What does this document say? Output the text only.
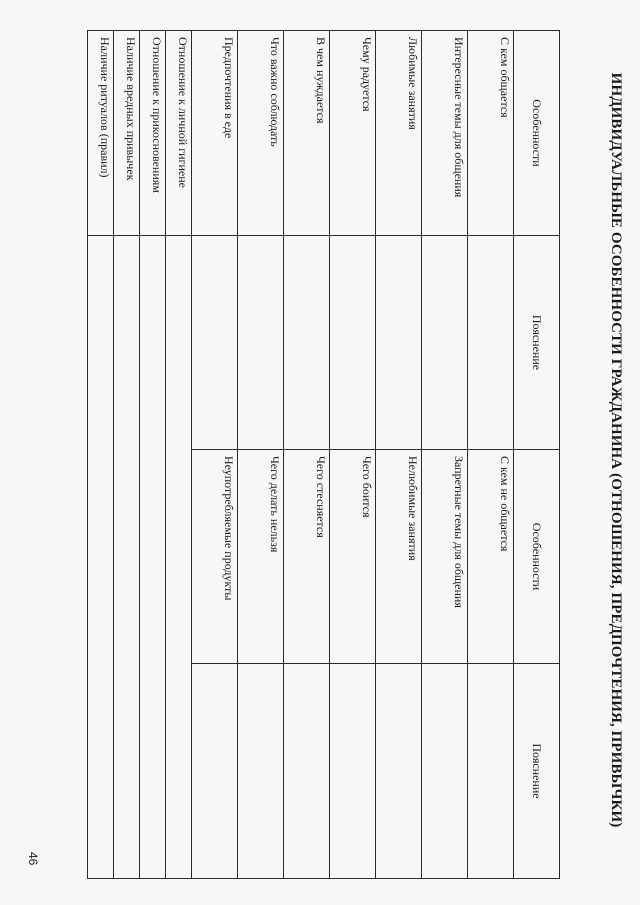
ИНДИВИДУАЛЬНЫЕ ОСОБЕННОСТИ ГРАЖДАНИНА (ОТНОШЕНИЯ, ПРЕДПОЧТЕНИЯ, ПРИВЫЧКИ)
Особенности	Пояснение	Особенности	Пояснение
С кем общается		С кем не общается	
Интересные темы для общения		Запретные темы для общения	
Любимые занятия		Нелюбимые занятия	
Чему радуется		Чего боится	
В чем нуждается		Чего стесняется	
Что важно соблюдать		Чего делать нельзя	
Предпочтения в еде		Неупотребляемые продукты	
Отношение к личной гигиене			
Отношение к прикосновениям			
Наличие вредных привычек			
Наличие ритуалов (правил)			
46
